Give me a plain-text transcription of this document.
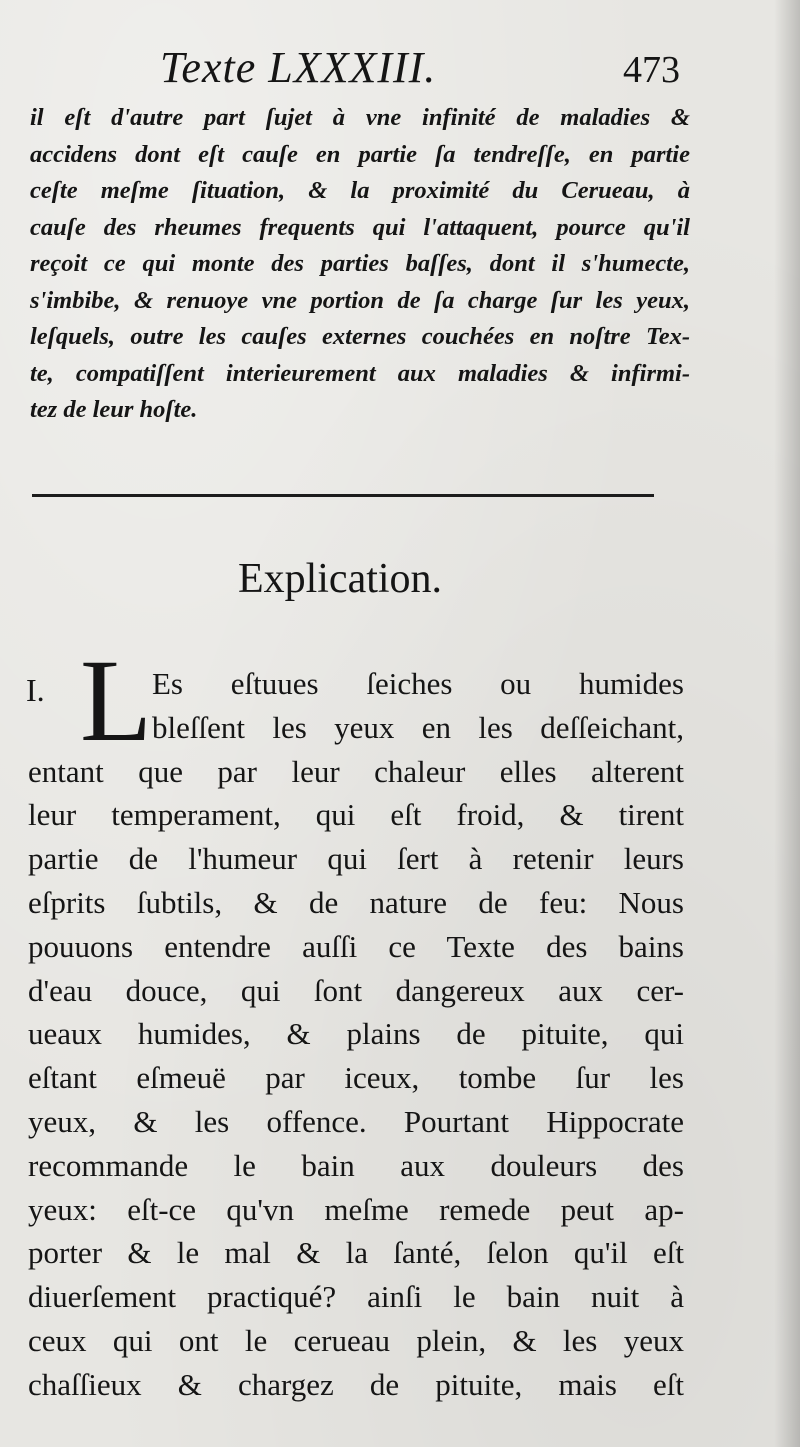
Texte LXXXIII.	473
il eſt d'autre part ſujet à vne infinité de maladies &
accidens dont eſt cauſe en partie ſa tendreſſe, en partie
ceſte meſme ſituation, & la proximité du Cerueau, à
cauſe des rheumes frequents qui l'attaquent, pource qu'il
reçoit ce qui monte des parties baſſes, dont il s'humecte,
s'imbibe, & renuoye vne portion de ſa charge ſur les yeux,
leſquels, outre les cauſes externes couchées en noſtre Tex-
te, compatiſſent interieurement aux maladies & infirmi-
tez de leur hoſte.
Explication.
I. L Es eſtuues ſeiches ou humides
bleſſent les yeux en les deſſeichant,
entant que par leur chaleur elles alterent
leur temperament, qui eſt froid, & tirent
partie de l'humeur qui ſert à retenir leurs
eſprits ſubtils, & de nature de feu: Nous
pouuons entendre auſſi ce Texte des bains
d'eau douce, qui ſont dangereux aux cer-
ueaux humides, & plains de pituite, qui
eſtant eſmeuë par iceux, tombe ſur les
yeux, & les offence. Pourtant Hippocrate
recommande le bain aux douleurs des
yeux: eſt-ce qu'vn meſme remede peut ap-
porter & le mal & la ſanté, ſelon qu'il eſt
diuerſement practiqué? ainſi le bain nuit à
ceux qui ont le cerueau plein, & les yeux
chaſſieux & chargez de pituite, mais eſt
